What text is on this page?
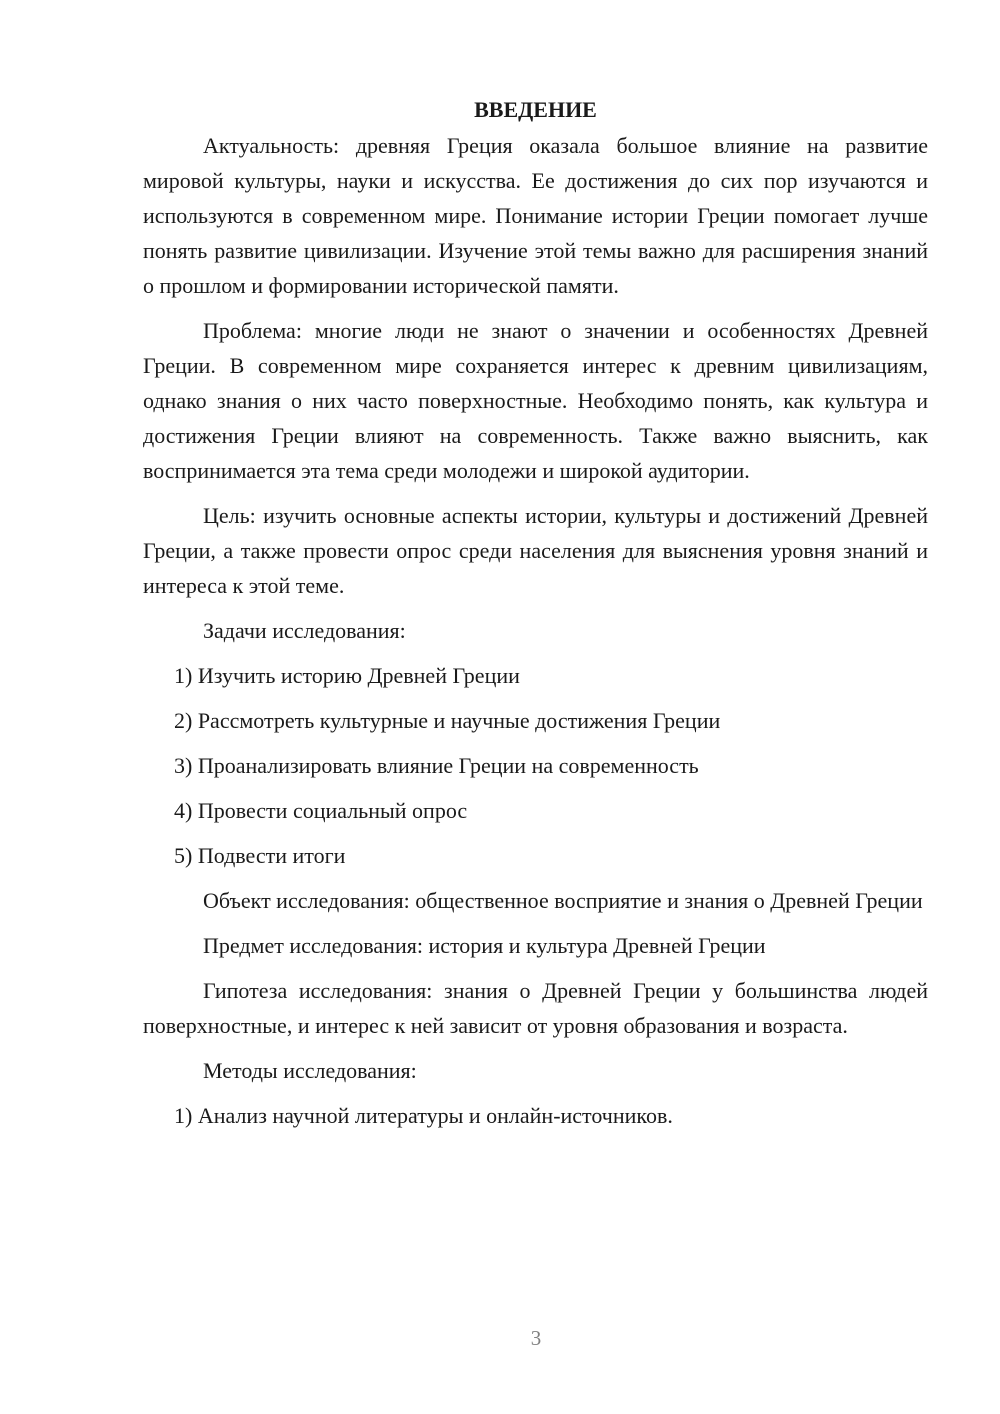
ВВЕДЕНИЕ

Актуальность: древняя Греция оказала большое влияние на развитие мировой культуры, науки и искусства. Ее достижения до сих пор изучаются и используются в современном мире. Понимание истории Греции помогает лучше понять развитие цивилизации. Изучение этой темы важно для расширения знаний о прошлом и формировании исторической памяти.

Проблема: многие люди не знают о значении и особенностях Древней Греции. В современном мире сохраняется интерес к древним цивилизациям, однако знания о них часто поверхностные. Необходимо понять, как культура и достижения Греции влияют на современность. Также важно выяснить, как воспринимается эта тема среди молодежи и широкой аудитории.

Цель: изучить основные аспекты истории, культуры и достижений Древней Греции, а также провести опрос среди населения для выяснения уровня знаний и интереса к этой теме.

Задачи исследования:

1) Изучить историю Древней Греции
2) Рассмотреть культурные и научные достижения Греции
3) Проанализировать влияние Греции на современность
4) Провести социальный опрос
5) Подвести итоги

Объект исследования: общественное восприятие и знания о Древней Греции

Предмет исследования: история и культура Древней Греции

Гипотеза исследования: знания о Древней Греции у большинства людей поверхностные, и интерес к ней зависит от уровня образования и возраста.

Методы исследования:

1) Анализ научной литературы и онлайн-источников.
3
